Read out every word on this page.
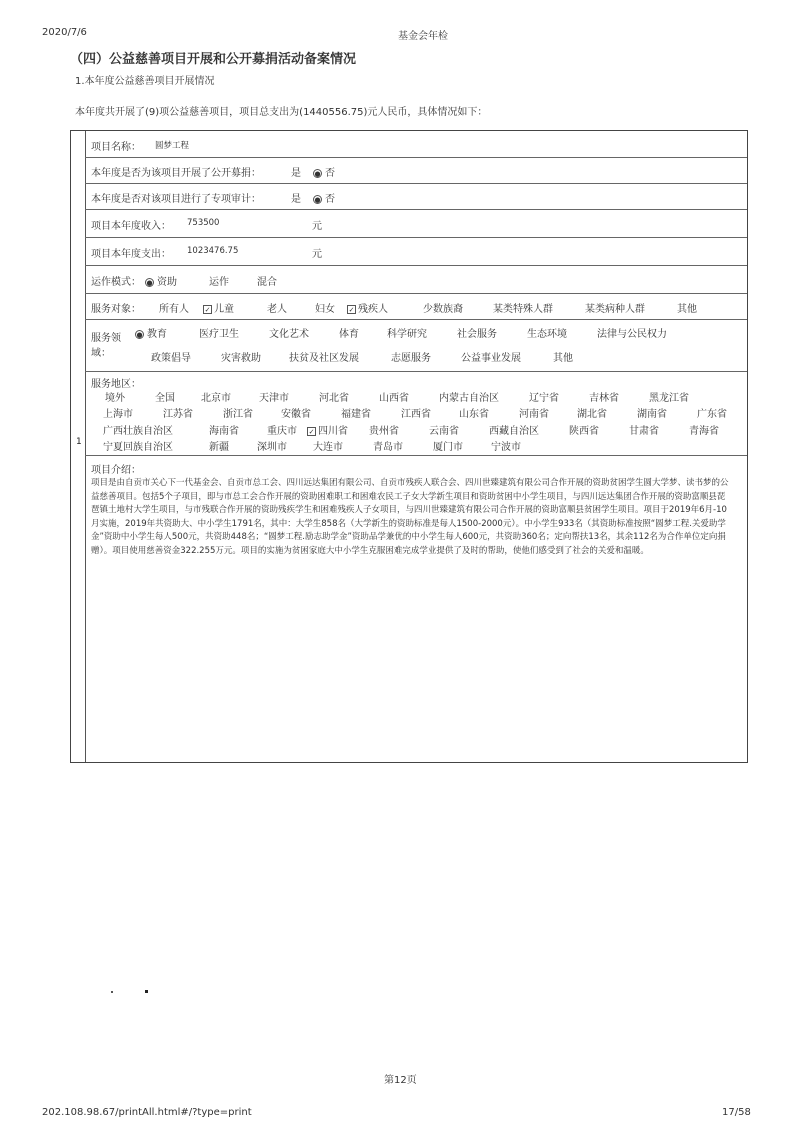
2020/7/6	基金会年检
（四）公益慈善项目开展和公开募捐活动备案情况
1.本年度公益慈善项目开展情况
本年度共开展了(9)项公益慈善项目，项目总支出为(1440556.75)元人民币，具体情况如下：
1
项目名称： 圆梦工程
本年度是否为该项目开展了公开募捐：	是 ● 否
本年度是否对该项目进行了专项审计：	是 ● 否
项目本年度收入： 753500	元
项目本年度支出： 1023476.75	元
运作模式： ● 资助	运作	混合
服务对象： 所有人 ✓ 儿童	老人	妇女 ✓ 残疾人	少数族裔	某类特殊人群	某类病种人群	其他
服务领
域：
● 教育	医疗卫生	文化艺术	体育	科学研究	社会服务	生态环境	法律与公民权力
政策倡导	灾害救助	扶贫及社区发展	志愿服务	公益事业发展	其他
服务地区：
境外	全国	北京市	天津市	河北省	山西省	内蒙古自治区	辽宁省	吉林省	黑龙江省
上海市	江苏省	浙江省	安徽省	福建省	江西省	山东省	河南省	湖北省	湖南省	广东省
广西壮族自治区	海南省	重庆市 ✓ 四川省 贵州省	云南省	西藏自治区	陕西省	甘肃省	青海省
宁夏回族自治区	新疆	深圳市	大连市	青岛市	厦门市	宁波市
项目介绍：
项目是由自贡市关心下一代基金会、自贡市总工会、四川远达集团有限公司、自贡市残疾人联合会、四川世臻建筑有限公司合作开展的资助贫困学生圆大学梦、读书梦的公益慈善项目。包括5个子项目，即与市总工会合作开展的资助困难职工和困难农民工子女大学新生项目和资助贫困中小学生项目，与四川远达集团合作开展的资助富顺县琵琶镇土地村大学生项目，与市残联合作开展的资助残疾学生和困难残疾人子女项目，与四川世臻建筑有限公司合作开展的资助富顺县贫困学生项目。项目于2019年6月-10月实施，2019年共资助大、中小学生1791名，其中：大学生858名（大学新生的资助标准是每人1500-2000元）。中小学生933名（其资助标准按照“圆梦工程.关爱助学金”资助中小学生每人500元，共资助448名；“圆梦工程.励志助学金”资助品学兼优的中小学生每人600元，共资助360名；定向帮扶13名，其余112名为合作单位定向捐赠）。项目使用慈善资金322.255万元。项目的实施为贫困家庭大中小学生克服困难完成学业提供了及时的帮助，使他们感受到了社会的关爱和温暖。
第12页
202.108.98.67/printAll.html#/?type=print	17/58
